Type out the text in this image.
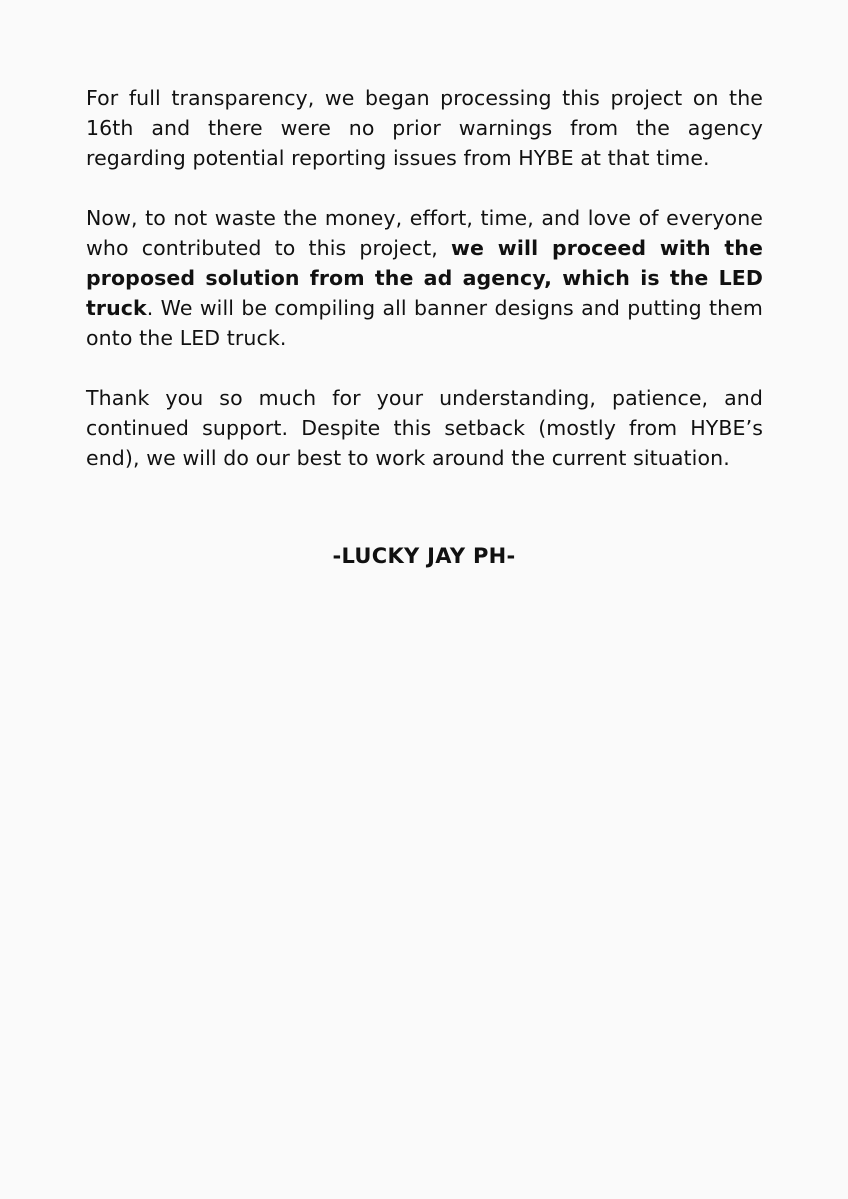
For full transparency, we began processing this project on the 16th and there were no prior warnings from the agency regarding potential reporting issues from HYBE at that time.

Now, to not waste the money, effort, time, and love of everyone who contributed to this project, we will proceed with the proposed solution from the ad agency, which is the LED truck. We will be compiling all banner designs and putting them onto the LED truck.

Thank you so much for your understanding, patience, and continued support. Despite this setback (mostly from HYBE’s end), we will do our best to work around the current situation.

-LUCKY JAY PH-
